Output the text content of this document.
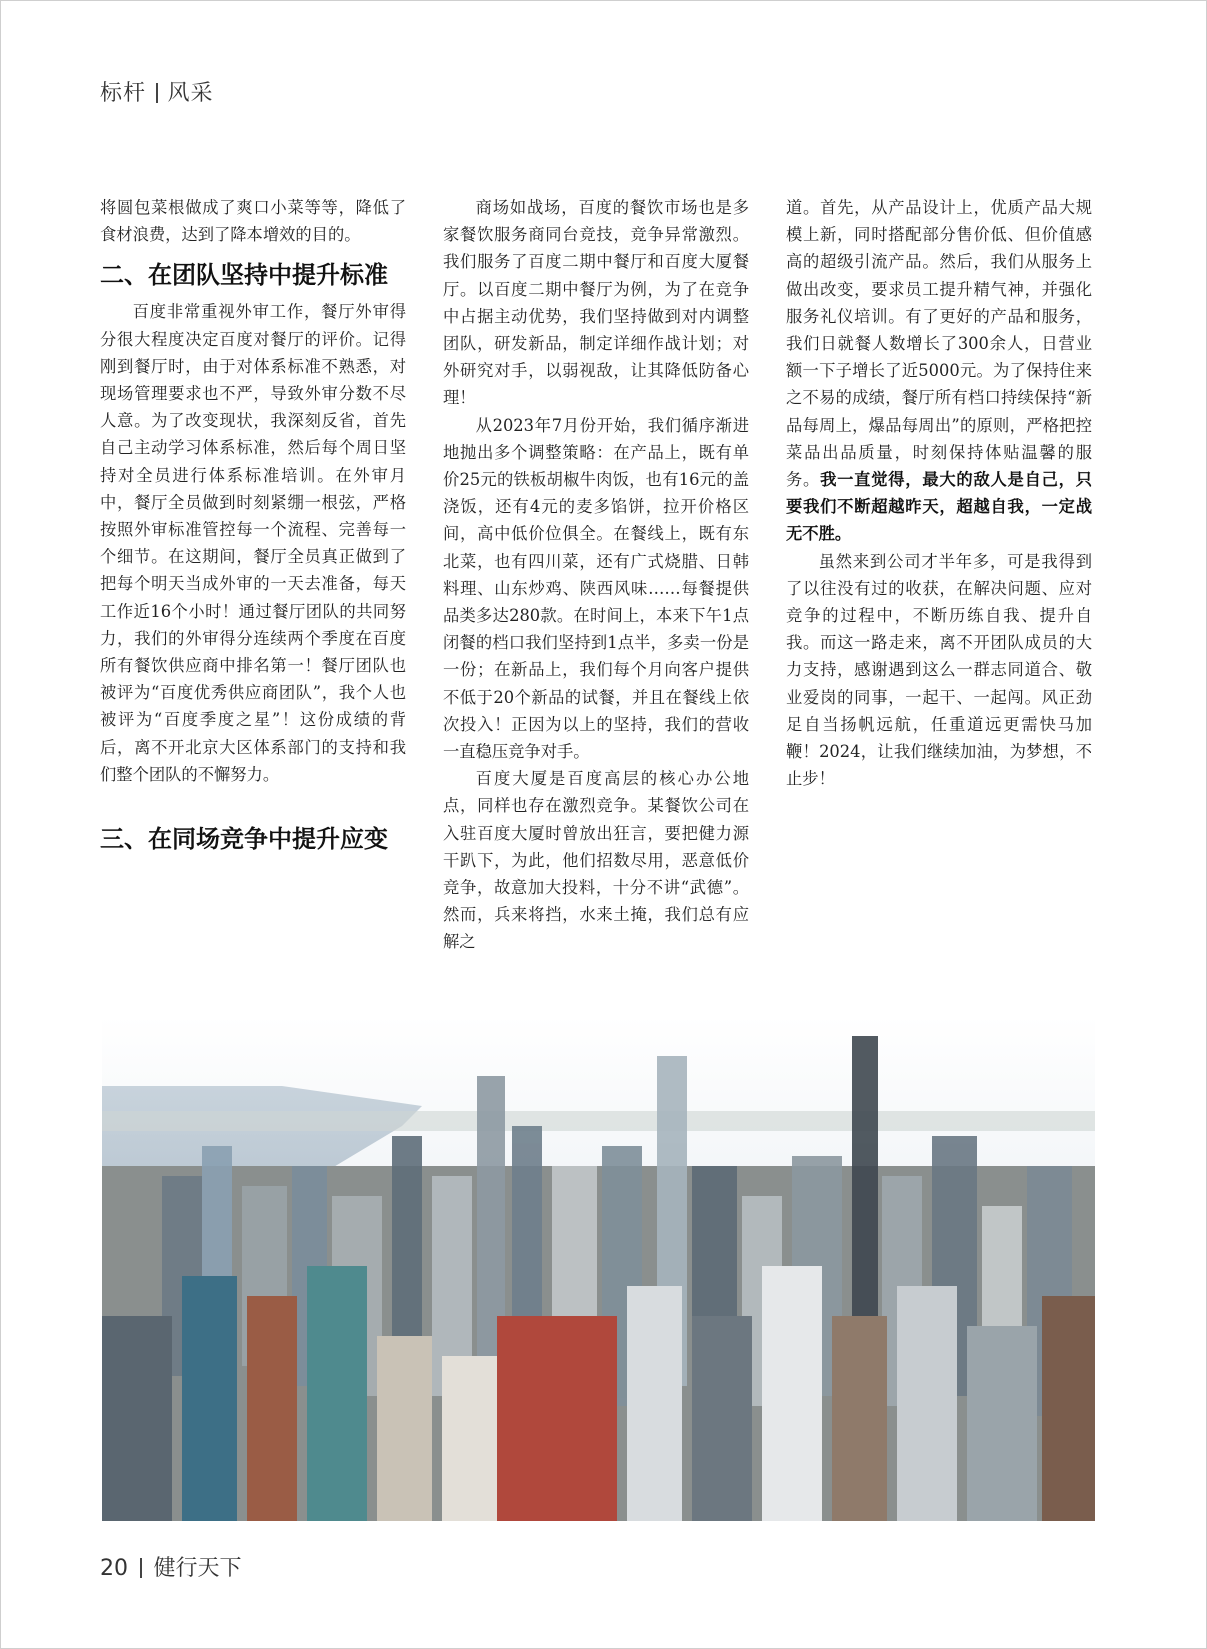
标杆 风采

将圆包菜根做成了爽口小菜等等，降低了食材浪费，达到了降本增效的目的。

二、在团队坚持中提升标准

百度非常重视外审工作，餐厅外审得分很大程度决定百度对餐厅的评价。记得刚到餐厅时，由于对体系标准不熟悉，对现场管理要求也不严，导致外审分数不尽人意。为了改变现状，我深刻反省，首先自己主动学习体系标准，然后每个周日坚持对全员进行体系标准培训。在外审月中，餐厅全员做到时刻紧绷一根弦，严格按照外审标准管控每一个流程、完善每一个细节。在这期间，餐厅全员真正做到了把每个明天当成外审的一天去准备，每天工作近16个小时！通过餐厅团队的共同努力，我们的外审得分连续两个季度在百度所有餐饮供应商中排名第一！餐厅团队也被评为“百度优秀供应商团队”，我个人也被评为“百度季度之星”！这份成绩的背后，离不开北京大区体系部门的支持和我们整个团队的不懈努力。

三、在同场竞争中提升应变

商场如战场，百度的餐饮市场也是多家餐饮服务商同台竞技，竞争异常激烈。我们服务了百度二期中餐厅和百度大厦餐厅。以百度二期中餐厅为例，为了在竞争中占据主动优势，我们坚持做到对内调整团队，研发新品，制定详细作战计划；对外研究对手，以弱视敌，让其降低防备心理！

从2023年7月份开始，我们循序渐进地抛出多个调整策略：在产品上，既有单价25元的铁板胡椒牛肉饭，也有16元的盖浇饭，还有4元的麦多馅饼，拉开价格区间，高中低价位俱全。在餐线上，既有东北菜，也有四川菜，还有广式烧腊、日韩料理、山东炒鸡、陕西风味……每餐提供品类多达280款。在时间上，本来下午1点闭餐的档口我们坚持到1点半，多卖一份是一份；在新品上，我们每个月向客户提供不低于20个新品的试餐，并且在餐线上依次投入！正因为以上的坚持，我们的营收一直稳压竞争对手。

百度大厦是百度高层的核心办公地点，同样也存在激烈竞争。某餐饮公司在入驻百度大厦时曾放出狂言，要把健力源干趴下，为此，他们招数尽用，恶意低价竞争，故意加大投料，十分不讲“武德”。然而，兵来将挡，水来土掩，我们总有应解之

道。首先，从产品设计上，优质产品大规模上新，同时搭配部分售价低、但价值感高的超级引流产品。然后，我们从服务上做出改变，要求员工提升精气神，并强化服务礼仪培训。有了更好的产品和服务，我们日就餐人数增长了300余人，日营业额一下子增长了近5000元。为了保持住来之不易的成绩，餐厅所有档口持续保持“新品每周上，爆品每周出”的原则，严格把控菜品出品质量，时刻保持体贴温馨的服务。我一直觉得，最大的敌人是自己，只要我们不断超越昨天，超越自我，一定战无不胜。

虽然来到公司才半年多，可是我得到了以往没有过的收获，在解决问题、应对竞争的过程中，不断历练自我、提升自我。而这一路走来，离不开团队成员的大力支持，感谢遇到这么一群志同道合、敬业爱岗的同事，一起干、一起闯。风正劲足自当扬帆远航，任重道远更需快马加鞭！2024，让我们继续加油，为梦想，不止步！

20 健行天下
